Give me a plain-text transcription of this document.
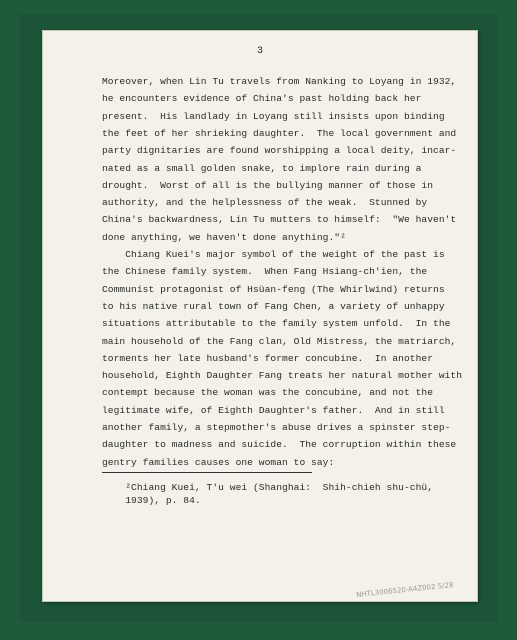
3
Moreover, when Lin Tu travels from Nanking to Loyang in 1932,
he encounters evidence of China's past holding back her
present.  His landlady in Loyang still insists upon binding
the feet of her shrieking daughter.  The local government and
party dignitaries are found worshipping a local deity, incar-
nated as a small golden snake, to implore rain during a
drought.  Worst of all is the bullying manner of those in
authority, and the helplessness of the weak.  Stunned by
China's backwardness, Lin Tu mutters to himself:  "We haven't
done anything, we haven't done anything."²
Chiang Kuei's major symbol of the weight of the past is
the Chinese family system.  When Fang Hsiang-ch'ien, the
Communist protagonist of Hsüan-feng (The Whirlwind) returns
to his native rural town of Fang Chen, a variety of unhappy
situations attributable to the family system unfold.  In the
main household of the Fang clan, Old Mistress, the matriarch,
torments her late husband's former concubine.  In another
household, Eighth Daughter Fang treats her natural mother with
contempt because the woman was the concubine, and not the
legitimate wife, of Eighth Daughter's father.  And in still
another family, a stepmother's abuse drives a spinster step-
daughter to madness and suicide.  The corruption within these
gentry families causes one woman to say:
²Chiang Kuei, T'u wei (Shanghai:  Shih-chieh shu-chü,
1939), p. 84.
NHTL3006520-A4Z002 5/28
